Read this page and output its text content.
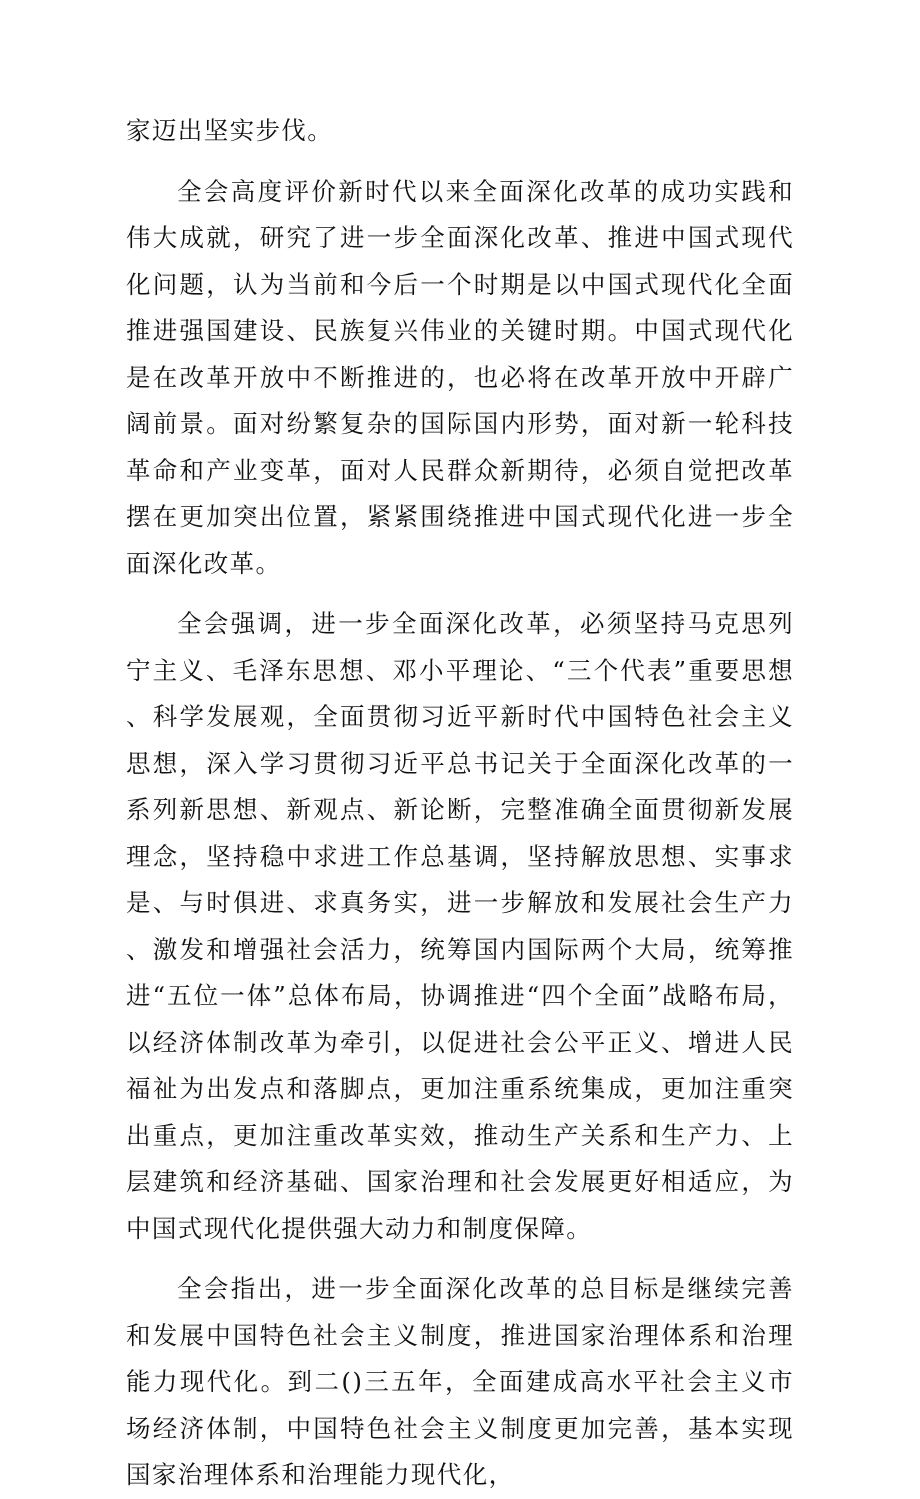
家迈出坚实步伐。

全会高度评价新时代以来全面深化改革的成功实践和伟大成就，研究了进一步全面深化改革、推进中国式现代化问题，认为当前和今后一个时期是以中国式现代化全面推进强国建设、民族复兴伟业的关键时期。中国式现代化是在改革开放中不断推进的，也必将在改革开放中开辟广阔前景。面对纷繁复杂的国际国内形势，面对新一轮科技革命和产业变革，面对人民群众新期待，必须自觉把改革摆在更加突出位置，紧紧围绕推进中国式现代化进一步全面深化改革。

全会强调，进一步全面深化改革，必须坚持马克思列宁主义、毛泽东思想、邓小平理论、“三个代表”重要思想、科学发展观，全面贯彻习近平新时代中国特色社会主义思想，深入学习贯彻习近平总书记关于全面深化改革的一系列新思想、新观点、新论断，完整准确全面贯彻新发展理念，坚持稳中求进工作总基调，坚持解放思想、实事求是、与时俱进、求真务实，进一步解放和发展社会生产力、激发和增强社会活力，统筹国内国际两个大局，统筹推进“五位一体”总体布局，协调推进“四个全面”战略布局，以经济体制改革为牵引，以促进社会公平正义、增进人民福祉为出发点和落脚点，更加注重系统集成，更加注重突出重点，更加注重改革实效，推动生产关系和生产力、上层建筑和经济基础、国家治理和社会发展更好相适应，为中国式现代化提供强大动力和制度保障。

全会指出，进一步全面深化改革的总目标是继续完善和发展中国特色社会主义制度，推进国家治理体系和治理能力现代化。到二()三五年，全面建成高水平社会主义市场经济体制，中国特色社会主义制度更加完善，基本实现国家治理体系和治理能力现代化，
